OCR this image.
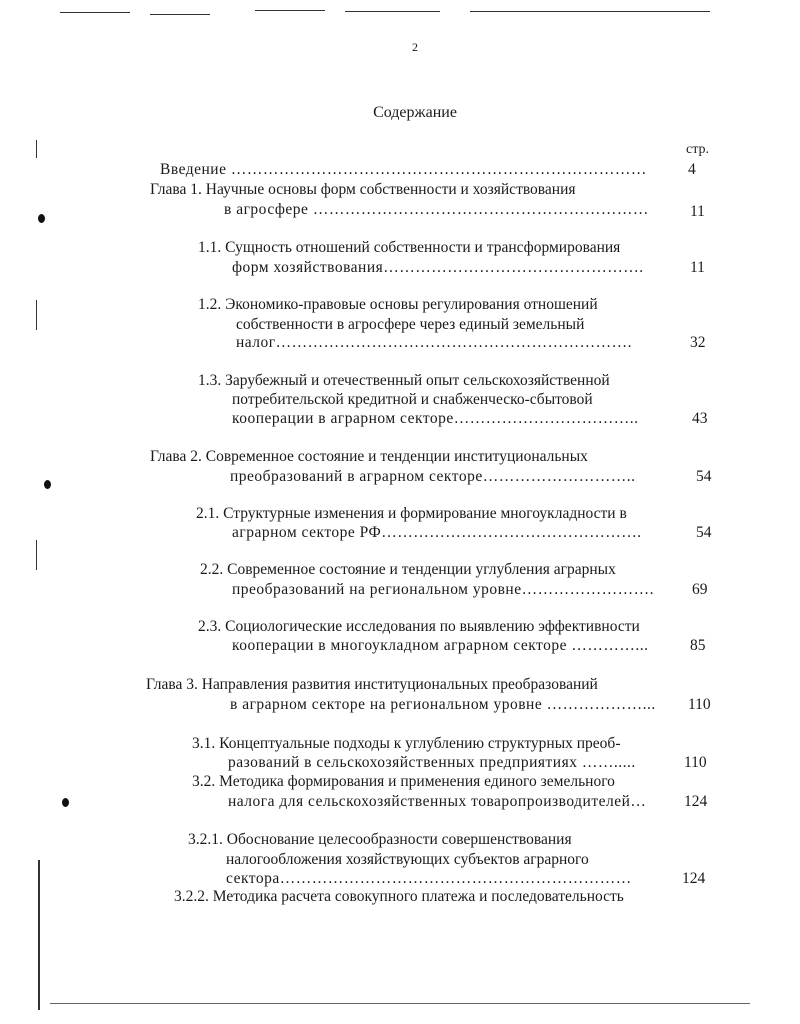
2
Содержание
стр.
Введение ……………………………………………………………………	4
Глава 1. Научные основы форм собственности и хозяйствования
в агросфере ………………………………………………………	11
1.1. Сущность отношений собственности и трансформирования
форм хозяйствования………………………………………….	11
1.2. Экономико-правовые основы регулирования отношений
собственности в агросфере через единый земельный
налог………………………………………………………….	32
1.3. Зарубежный и отечественный опыт сельскохозяйственной
потребительской кредитной и снабженческо-сбытовой
кооперации в аграрном секторе……………………………..	43
Глава 2. Современное состояние и тенденции институциональных
преобразований в аграрном секторе………………………..	54
2.1. Структурные изменения и формирование многоукладности в
аграрном секторе РФ………………………………………….	54
2.2. Современное состояние и тенденции углубления аграрных
преобразований на региональном уровне……………………. 69
2.3. Социологические исследования по выявлению эффективности
кооперации в многоукладном аграрном секторе …………...	85
Глава 3. Направления развития институциональных преобразований
в аграрном секторе на региональном уровне ………………... 110
3.1. Концептуальные подходы к углублению структурных преоб-
разований в сельскохозяйственных предприятиях …….....	110
3.2. Методика формирования и применения единого земельного
налога для сельскохозяйственных товаропроизводителей… 124
3.2.1. Обоснование целесообразности совершенствования
налогообложения хозяйствующих субъектов аграрного
сектора…………………………………………………………	124
3.2.2. Методика расчета совокупного платежа и последовательность
